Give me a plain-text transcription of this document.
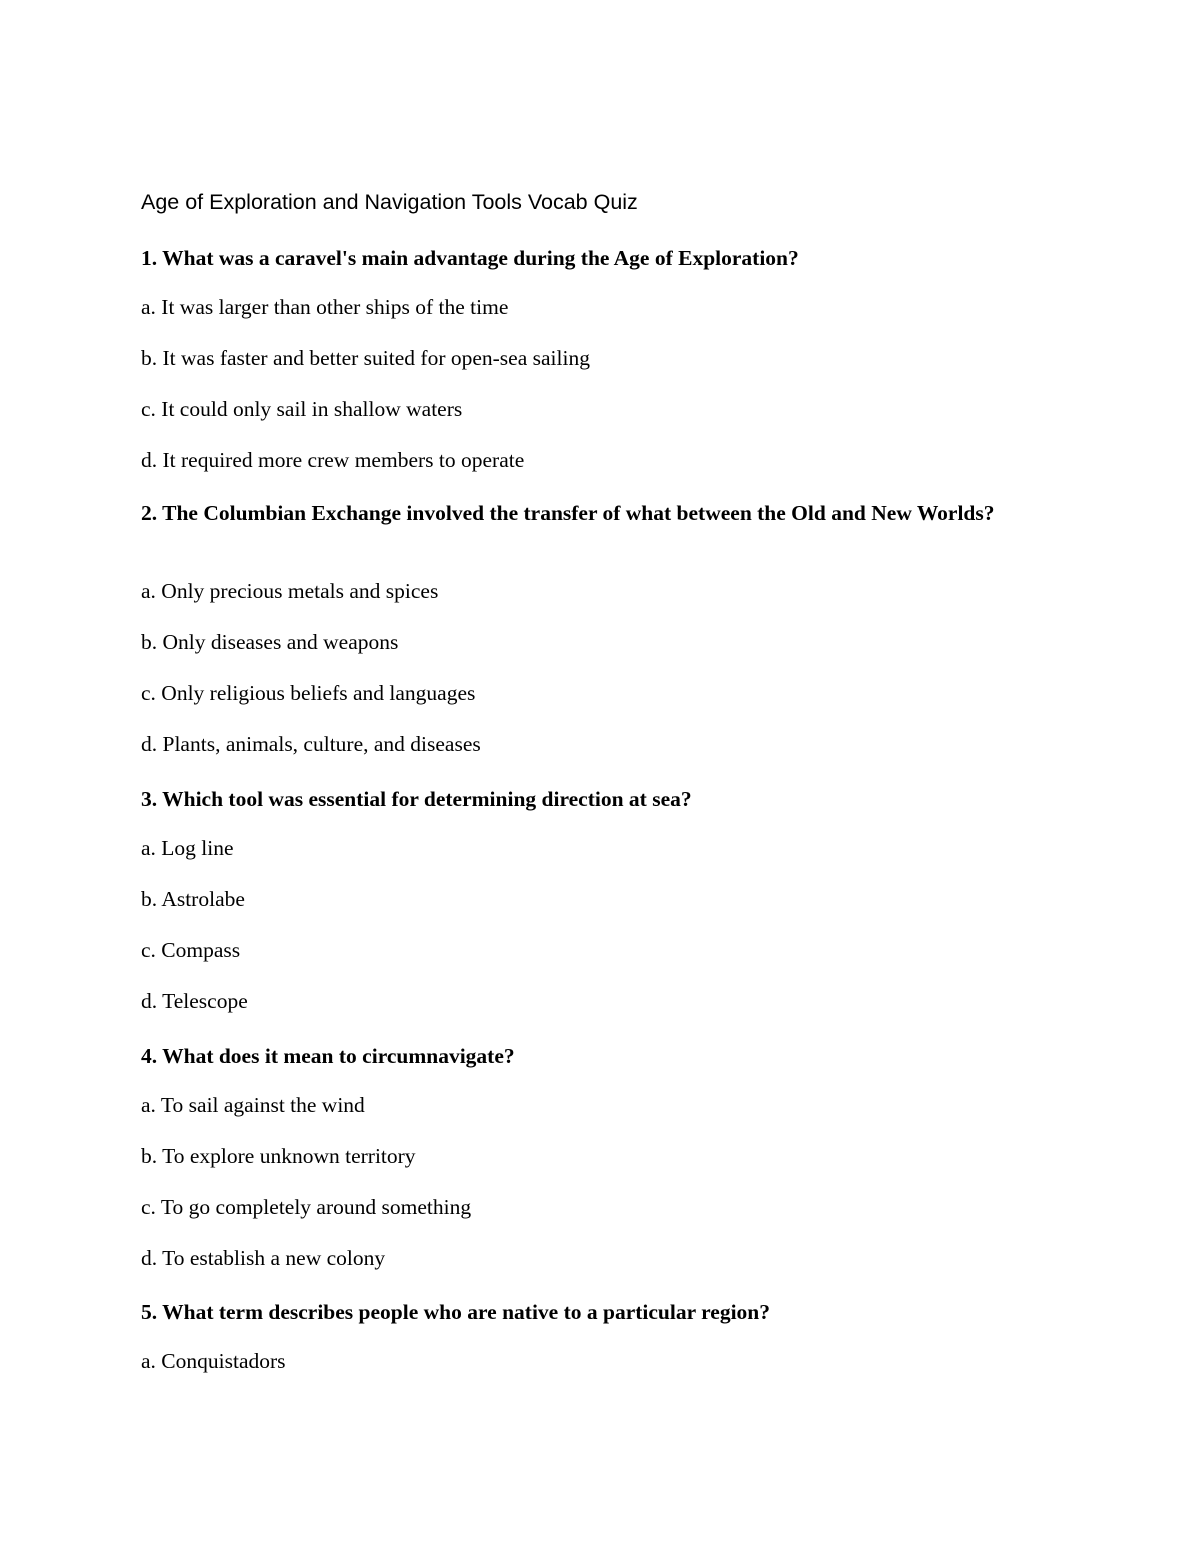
Age of Exploration and Navigation Tools Vocab Quiz
1. What was a caravel's main advantage during the Age of Exploration?
a. It was larger than other ships of the time
b. It was faster and better suited for open-sea sailing
c. It could only sail in shallow waters
d. It required more crew members to operate
2. The Columbian Exchange involved the transfer of what between the Old and New Worlds?
a. Only precious metals and spices
b. Only diseases and weapons
c. Only religious beliefs and languages
d. Plants, animals, culture, and diseases
3. Which tool was essential for determining direction at sea?
a. Log line
b. Astrolabe
c. Compass
d. Telescope
4. What does it mean to circumnavigate?
a. To sail against the wind
b. To explore unknown territory
c. To go completely around something
d. To establish a new colony
5. What term describes people who are native to a particular region?
a. Conquistadors
